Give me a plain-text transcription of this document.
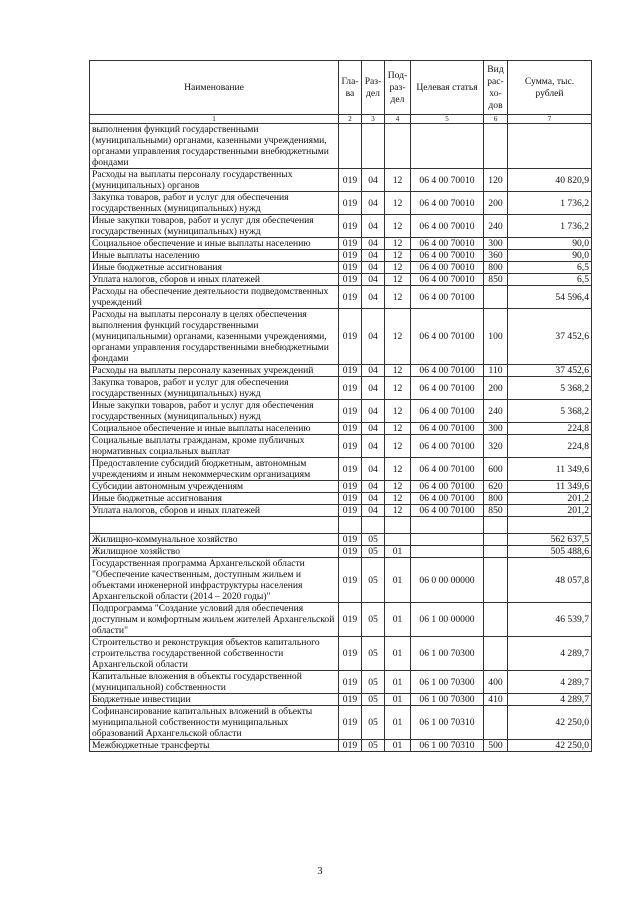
Наименование	Гла-ва	Раз-дел	Под-раз-дел	Целевая статья	Вид рас-хо-дов	Сумма, тыс. рублей
1	2	3	4	5	6	7
выполнения функций государственными (муниципальными) органами, казенными учреждениями, органами управления государственными внебюджетными фондами						
Расходы на выплаты персоналу государственных (муниципальных) органов	019	04	12	06 4 00 70010	120	40 820,9
Закупка товаров, работ и услуг для обеспечения государственных (муниципальных) нужд	019	04	12	06 4 00 70010	200	1 736,2
Иные закупки товаров, работ и услуг для обеспечения государственных (муниципальных) нужд	019	04	12	06 4 00 70010	240	1 736,2
Социальное обеспечение и иные выплаты населению	019	04	12	06 4 00 70010	300	90,0
Иные выплаты населению	019	04	12	06 4 00 70010	360	90,0
Иные бюджетные ассигнования	019	04	12	06 4 00 70010	800	6,5
Уплата налогов, сборов и иных платежей	019	04	12	06 4 00 70010	850	6,5
Расходы на обеспечение деятельности подведомственных учреждений	019	04	12	06 4 00 70100		54 596,4
Расходы на выплаты персоналу в целях обеспечения выполнения функций государственными (муниципальными) органами, казенными учреждениями, органами управления государственными внебюджетными фондами	019	04	12	06 4 00 70100	100	37 452,6
Расходы на выплаты персоналу казенных учреждений	019	04	12	06 4 00 70100	110	37 452,6
Закупка товаров, работ и услуг для обеспечения государственных (муниципальных) нужд	019	04	12	06 4 00 70100	200	5 368,2
Иные закупки товаров, работ и услуг для обеспечения государственных (муниципальных) нужд	019	04	12	06 4 00 70100	240	5 368,2
Социальное обеспечение и иные выплаты населению	019	04	12	06 4 00 70100	300	224,8
Социальные выплаты гражданам, кроме публичных нормативных социальных выплат	019	04	12	06 4 00 70100	320	224,8
Предоставление субсидий бюджетным, автономным учреждениям и иным некоммерческим организациям	019	04	12	06 4 00 70100	600	11 349,6
Субсидии автономным учреждениям	019	04	12	06 4 00 70100	620	11 349,6
Иные бюджетные ассигнования	019	04	12	06 4 00 70100	800	201,2
Уплата налогов, сборов и иных платежей	019	04	12	06 4 00 70100	850	201,2

Жилищно-коммунальное хозяйство	019	05				562 637,5
Жилищное хозяйство	019	05	01			505 488,6
Государственная программа Архангельской области "Обеспечение качественным, доступным жильем и объектами инженерной инфраструктуры населения Архангельской области (2014 – 2020 годы)"	019	05	01	06 0 00 00000		48 057,8
Подпрограмма "Создание условий для обеспечения доступным и комфортным жильем жителей Архангельской области"	019	05	01	06 1 00 00000		46 539,7
Строительство и реконструкция объектов капитального строительства государственной собственности Архангельской области	019	05	01	06 1 00 70300		4 289,7
Капитальные вложения в объекты государственной (муниципальной) собственности	019	05	01	06 1 00 70300	400	4 289,7
Бюджетные инвестиции	019	05	01	06 1 00 70300	410	4 289,7
Софинансирование капитальных вложений в объекты муниципальной собственности муниципальных образований Архангельской области	019	05	01	06 1 00 70310		42 250,0
Межбюджетные трансферты	019	05	01	06 1 00 70310	500	42 250,0
3
